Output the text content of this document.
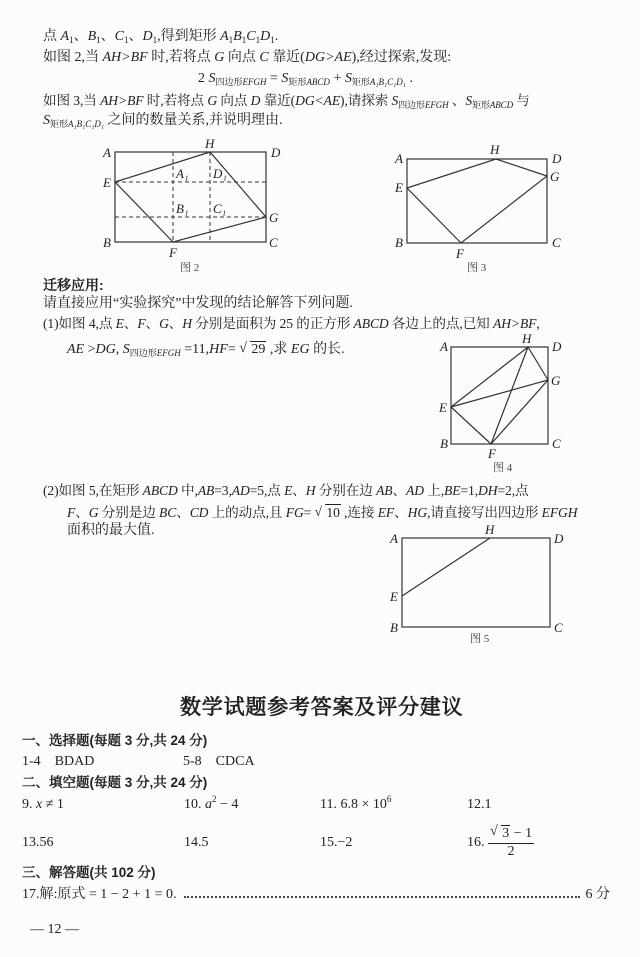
点 $A_1$、$B_1$、$C_1$、$D_1$,得到矩形 $A_1B_1C_1D_1$.
如图 2,当 AH>BF 时,若将点 G 向点 C 靠近(DG>AE),经过探索,发现:
2 $S_{四边形EFGH} = S_{矩形ABCD} + S_{矩形A_1B_1C_1D_1}$ .
如图 3,当 AH>BF 时,若将点 G 向点 D 靠近(DG<AE),请探索 $S_{四边形EFGH}$ 、$S_{矩形ABCD}$ 与
$S_{矩形A_1B_1C_1D_1}$ 之间的数量关系,并说明理由.
A	D
E
G
B	C
H
F
A₁ D₁
B₁ C₁
图 2
A	D
H
G
E
B	C
F
图 3
A	D
H
G
E
B	C
F
图 4
A	D
H
E
B	C
图 5
迁移应用:
请直接应用“实验探究”中发现的结论解答下列问题.
(1)如图 4,点 E、F、G、H 分别是面积为 25 的正方形 ABCD 各边上的点,已知 AH>BF,
AE >DG, $S_{四边形EFGH} =11,HF=$ √ 29 ,求 EG 的长.
(2)如图 5,在矩形 ABCD 中,AB=3,AD=5,点 E、H 分别在边 AB、AD 上,BE=1,DH=2,点
F、G 分别是边 BC、CD 上的动点,且 FG= √ 10 ,连接 EF、HG,请直接写出四边形 EFGH
面积的最大值.
数学试题参考答案及评分建议
一、选择题(每题 3 分,共 24 分)
1-4 BDAD	5-8 CDCA
二、填空题(每题 3 分,共 24 分)
9. x ≠ 1	10. $a^2 - 4$	11. $6.8 \times 10^6$	12.1
13.56	14.5	15.−2	16. √ $\frac{3 - 1}{2}$
三、解答题(共 102 分)
17.解:原式 = 1 − 2 + 1 = 0.	6 分
— 12 —
